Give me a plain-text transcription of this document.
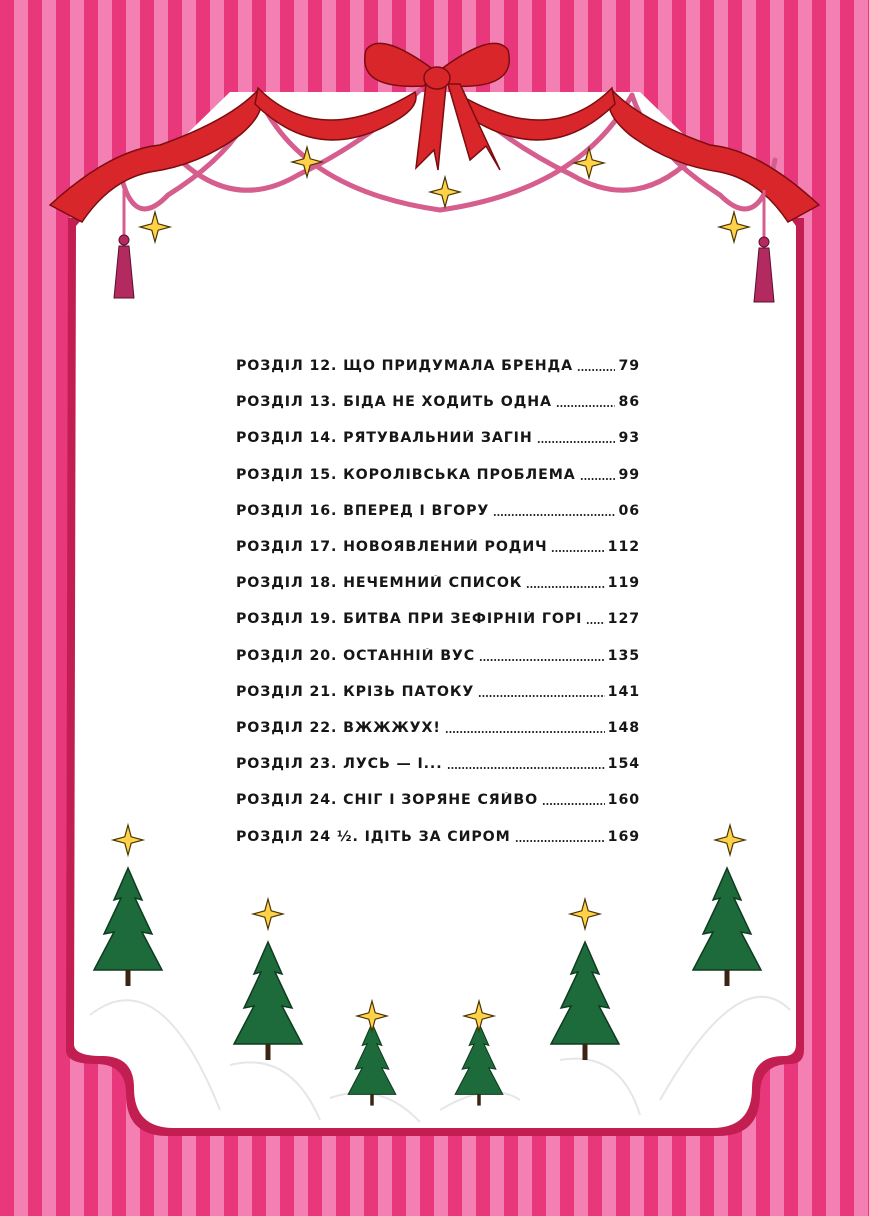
РОЗДІЛ 12. ЩО ПРИДУМАЛА БРЕНДА	79
РОЗДІЛ 13. БІДА НЕ ХОДИТЬ ОДНА	86
РОЗДІЛ 14. РЯТУВАЛЬНИЙ ЗАГІН	93
РОЗДІЛ 15. КОРОЛІВСЬКА ПРОБЛЕМА	99
РОЗДІЛ 16. ВПЕРЕД І ВГОРУ	06
РОЗДІЛ 17. НОВОЯВЛЕНИЙ РОДИЧ	112
РОЗДІЛ 18. НЕЧЕМНИЙ СПИСОК	119
РОЗДІЛ 19. БИТВА ПРИ ЗЕФІРНІЙ ГОРІ 127
РОЗДІЛ 20. ОСТАННІЙ ВУС	135
РОЗДІЛ 21. КРІЗЬ ПАТОКУ	141
РОЗДІЛ 22. ВЖЖЖУХ!	148
РОЗДІЛ 23. ЛУСЬ — І...	154
РОЗДІЛ 24. СНІГ І ЗОРЯНЕ СЯЙВО	160
РОЗДІЛ 24 ½. ІДІТЬ ЗА СИРОМ	169
